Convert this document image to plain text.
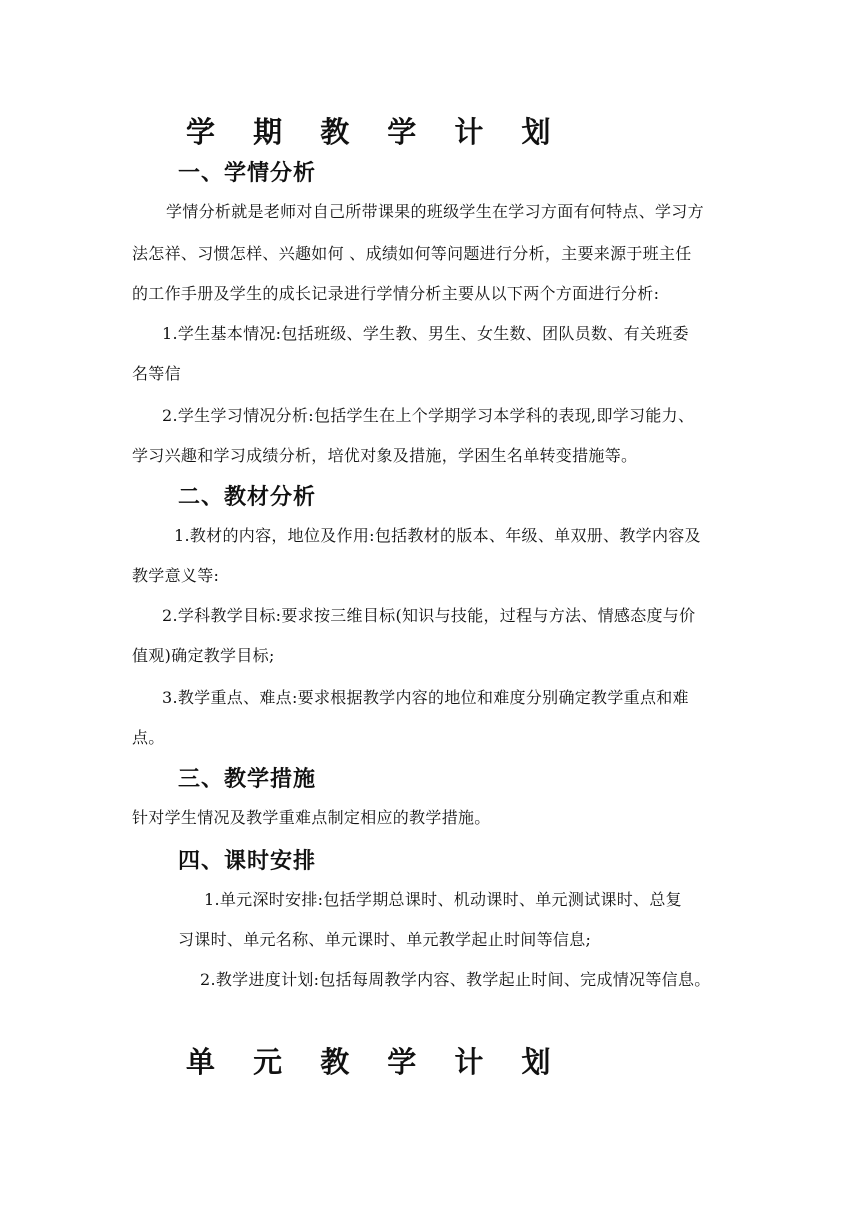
学 期 教 学 计 划
一、学情分析

学情分析就是老师对自己所带课果的班级学生在学习方面有何特点、学习方

法怎祥、习惯怎样、兴趣如何 、成绩如何等问题进行分析，主要来源于班主任

的工作手册及学生的成长记录进行学情分析主要从以下两个方面进行分析:

1.学生基本情况:包括班级、学生教、男生、女生数、团队员数、有关班委

名等信

2.学生学习情况分析:包括学生在上个学期学习本学科的表现,即学习能力、

学习兴趣和学习成绩分析，培优对象及措施，学困生名单转变措施等。

二、教材分析

1.教材的内容，地位及作用:包括教材的版本、年级、单双册、教学内容及

教学意义等:

2.学科教学目标:要求按三维目标(知识与技能，过程与方法、情感态度与价

值观)确定教学目标;

3.教学重点、难点:要求根据教学内容的地位和难度分别确定教学重点和难

点。

三、教学措施

针对学生情况及教学重难点制定相应的教学措施。

四、课时安排

1.单元深时安排:包括学期总课时、机动课时、单元测试课时、总复

习课时、单元名称、单元课时、单元教学起止时间等信息;

2.教学进度计划:包括每周教学内容、教学起止时间、完成情况等信息。

单 元 教 学 计 划
